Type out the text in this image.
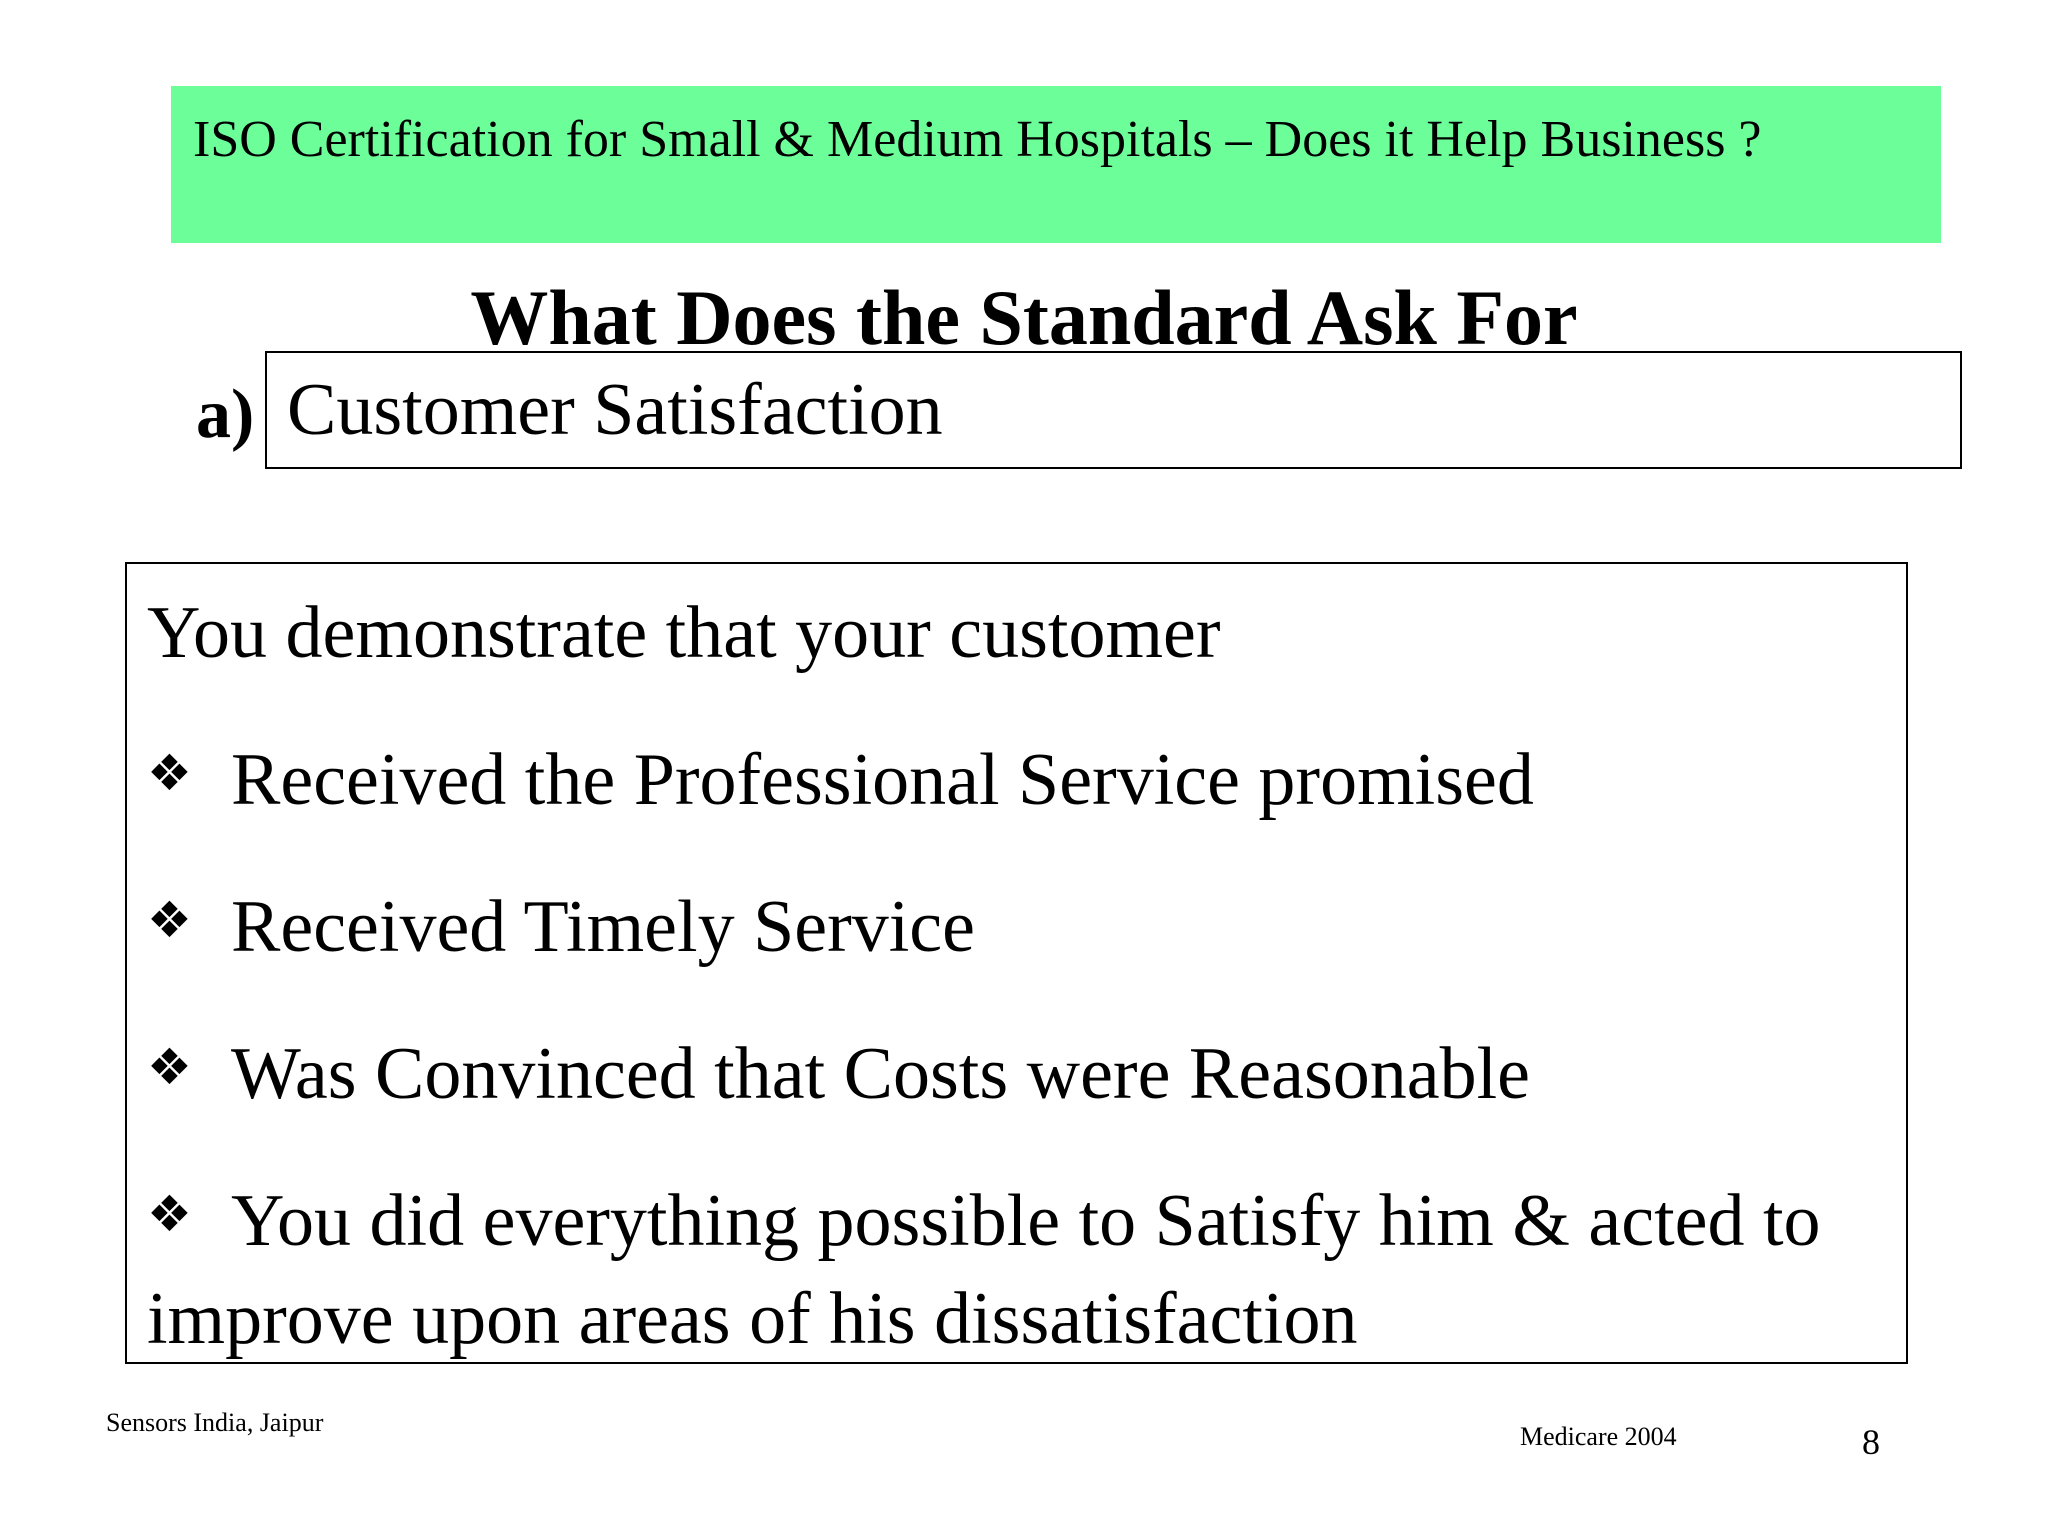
ISO Certification for Small & Medium Hospitals – Does it Help Business ?
What Does the Standard Ask For
a) Customer Satisfaction
You demonstrate that your customer
❖ Received the Professional Service promised
❖ Received Timely Service
❖ Was Convinced that Costs were Reasonable
❖ You did everything possible to Satisfy him & acted to improve upon areas of his dissatisfaction
Sensors India, Jaipur	Medicare 2004	8
